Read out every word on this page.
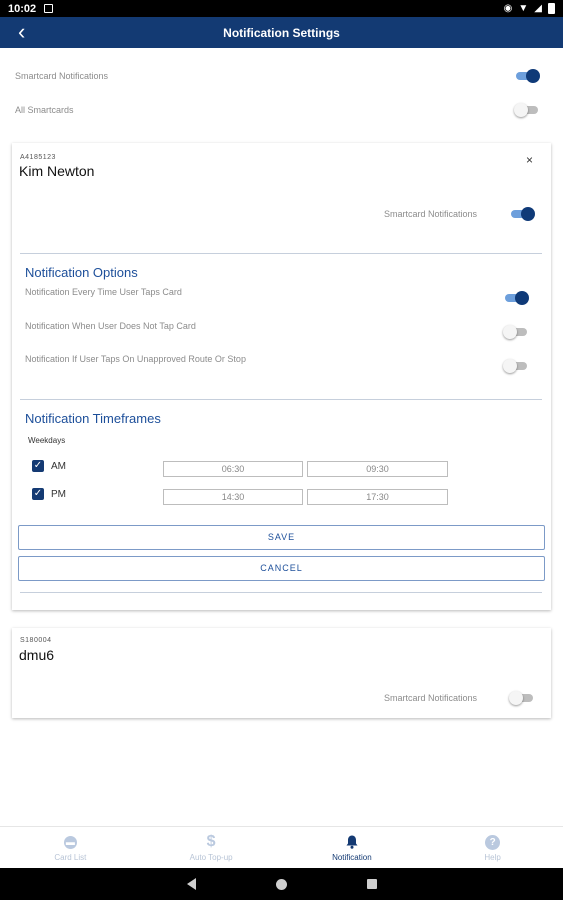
10:02	◉ ▼ ◢
‹	Notification Settings
Smartcard Notifications
All Smartcards
A4185123
Kim Newton
×
Smartcard Notifications
Notification Options
Notification Every Time User Taps Card
Notification When User Does Not Tap Card
Notification If User Taps On Unapproved Route Or Stop
Notification Timeframes
Weekdays
✓ AM	06:30	09:30
✓ PM	14:30	17:30
SAVE
CANCEL
S180004
dmu6
Smartcard Notifications
▬
Card List
$
Auto Top-up	Notification
?
Help
